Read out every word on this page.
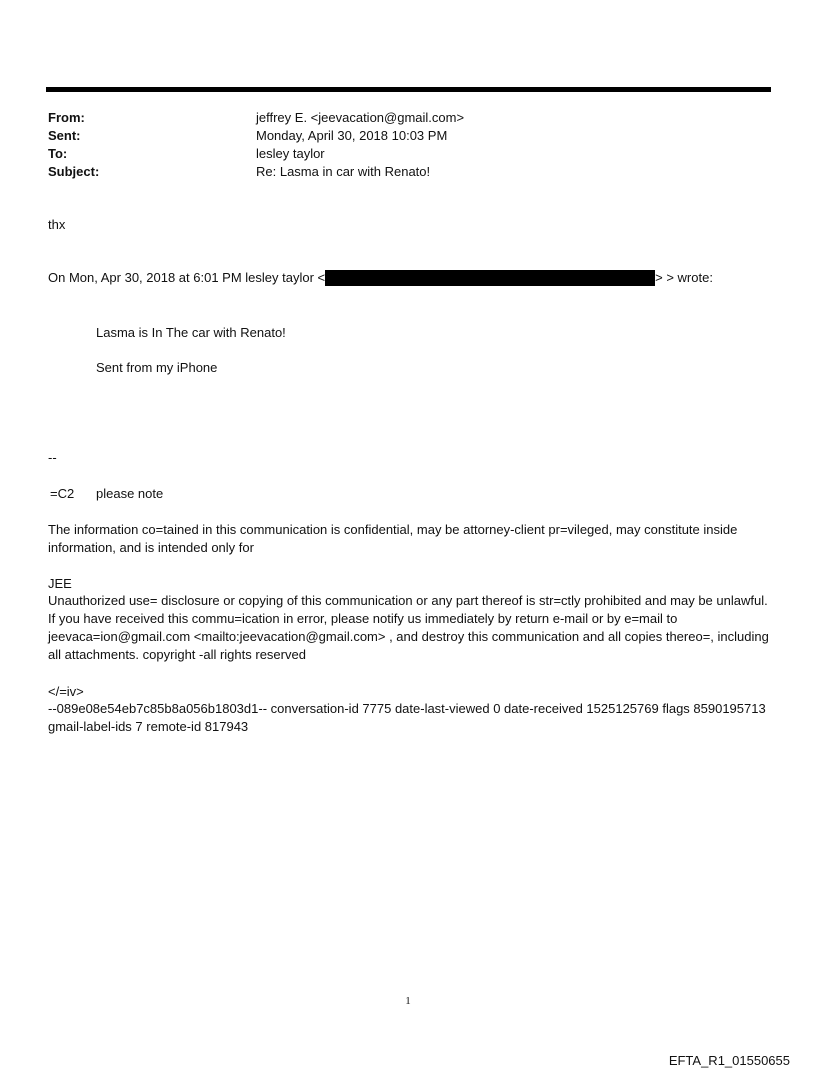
From:	jeffrey E. <jeevacation@gmail.com>
Sent:	Monday, April 30, 2018 10:03 PM
To:	lesley taylor
Subject:	Re: Lasma in car with Renato!
thx
On Mon, Apr 30, 2018 at 6:01 PM lesley taylor <	> > wrote:
Lasma is In The car with Renato!
Sent from my iPhone
--
=C2 please note
The information co=tained in this communication is confidential, may be attorney-client pr=vileged, may constitute inside information, and is intended only for
JEE
Unauthorized use= disclosure or copying of this communication or any part thereof is str=ctly prohibited and may be unlawful. If you have received this commu=ication in error, please notify us immediately by return e-mail or by e=mail to jeevaca=ion@gmail.com <mailto:jeevacation@gmail.com> , and destroy this communication and all copies thereo=, including all attachments. copyright -all rights reserved
</=iv>
--089e08e54eb7c85b8a056b1803d1-- conversation-id 7775 date-last-viewed 0 date-received 1525125769 flags 8590195713 gmail-label-ids 7 remote-id 817943
1
EFTA_R1_01550655
